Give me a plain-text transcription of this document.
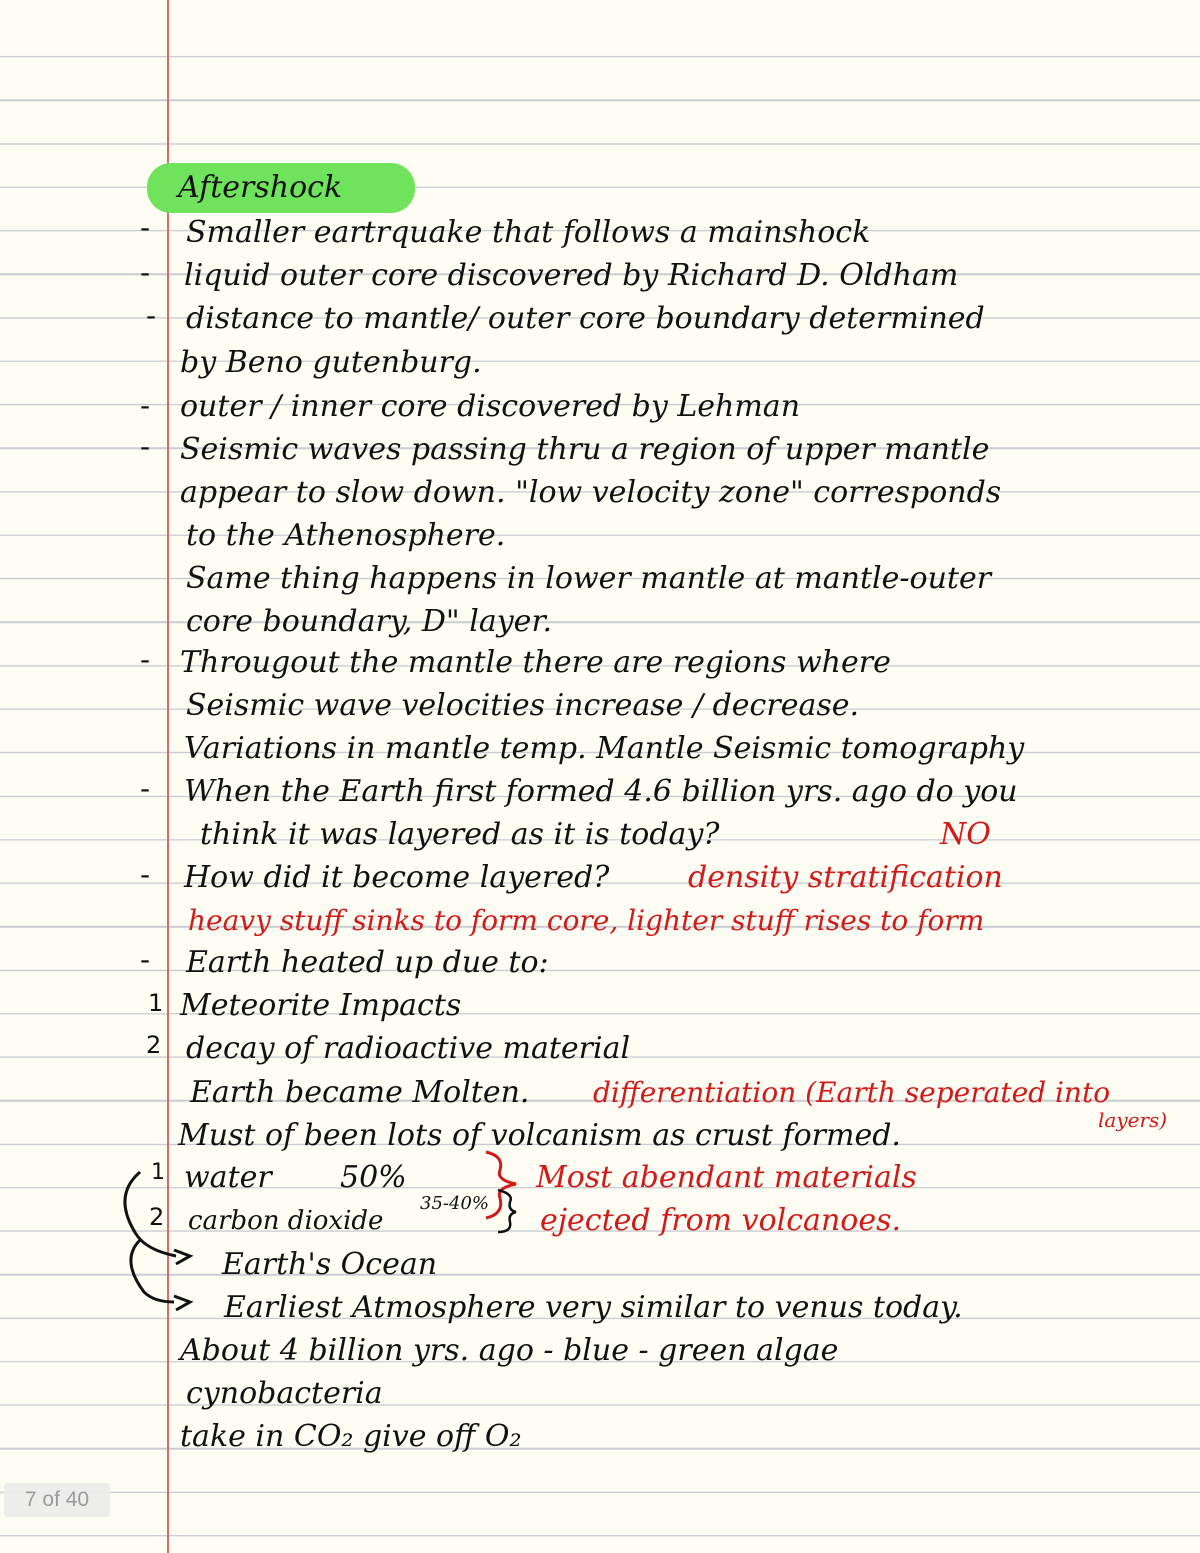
-
-
-
-
-
-
-
-
-
1
2
1
2
Aftershock
Smaller eartrquake that follows a mainshock
liquid outer core discovered by Richard D. Oldham
distance to mantle/ outer core boundary determined
by Beno gutenburg.
outer / inner core discovered by Lehman
Seismic waves passing thru a region of upper mantle
appear to slow down. "low velocity zone" corresponds
to the Athenosphere.
Same thing happens in lower mantle at mantle-outer
core boundary, D" layer.
Througout the mantle there are regions where
Seismic wave velocities increase / decrease.
Variations in mantle temp. Mantle Seismic tomography
When the Earth first formed 4.6 billion yrs. ago do you
think it was layered as it is today?	NO
How did it become layered?	density stratification
heavy stuff sinks to form core, lighter stuff rises to form
Earth heated up due to:
Meteorite Impacts
decay of radioactive material
Earth became Molten. differentiation (Earth seperated into
layers)
Must of been lots of volcanism as crust formed.
water 50%
carbon dioxide
35-40%
Most abendant materials
ejected from volcanoes.
Earth's Ocean
Earliest Atmosphere very similar to venus today.
About 4 billion yrs. ago - blue - green algae
cynobacteria
take in CO₂ give off O₂
7 of 40
